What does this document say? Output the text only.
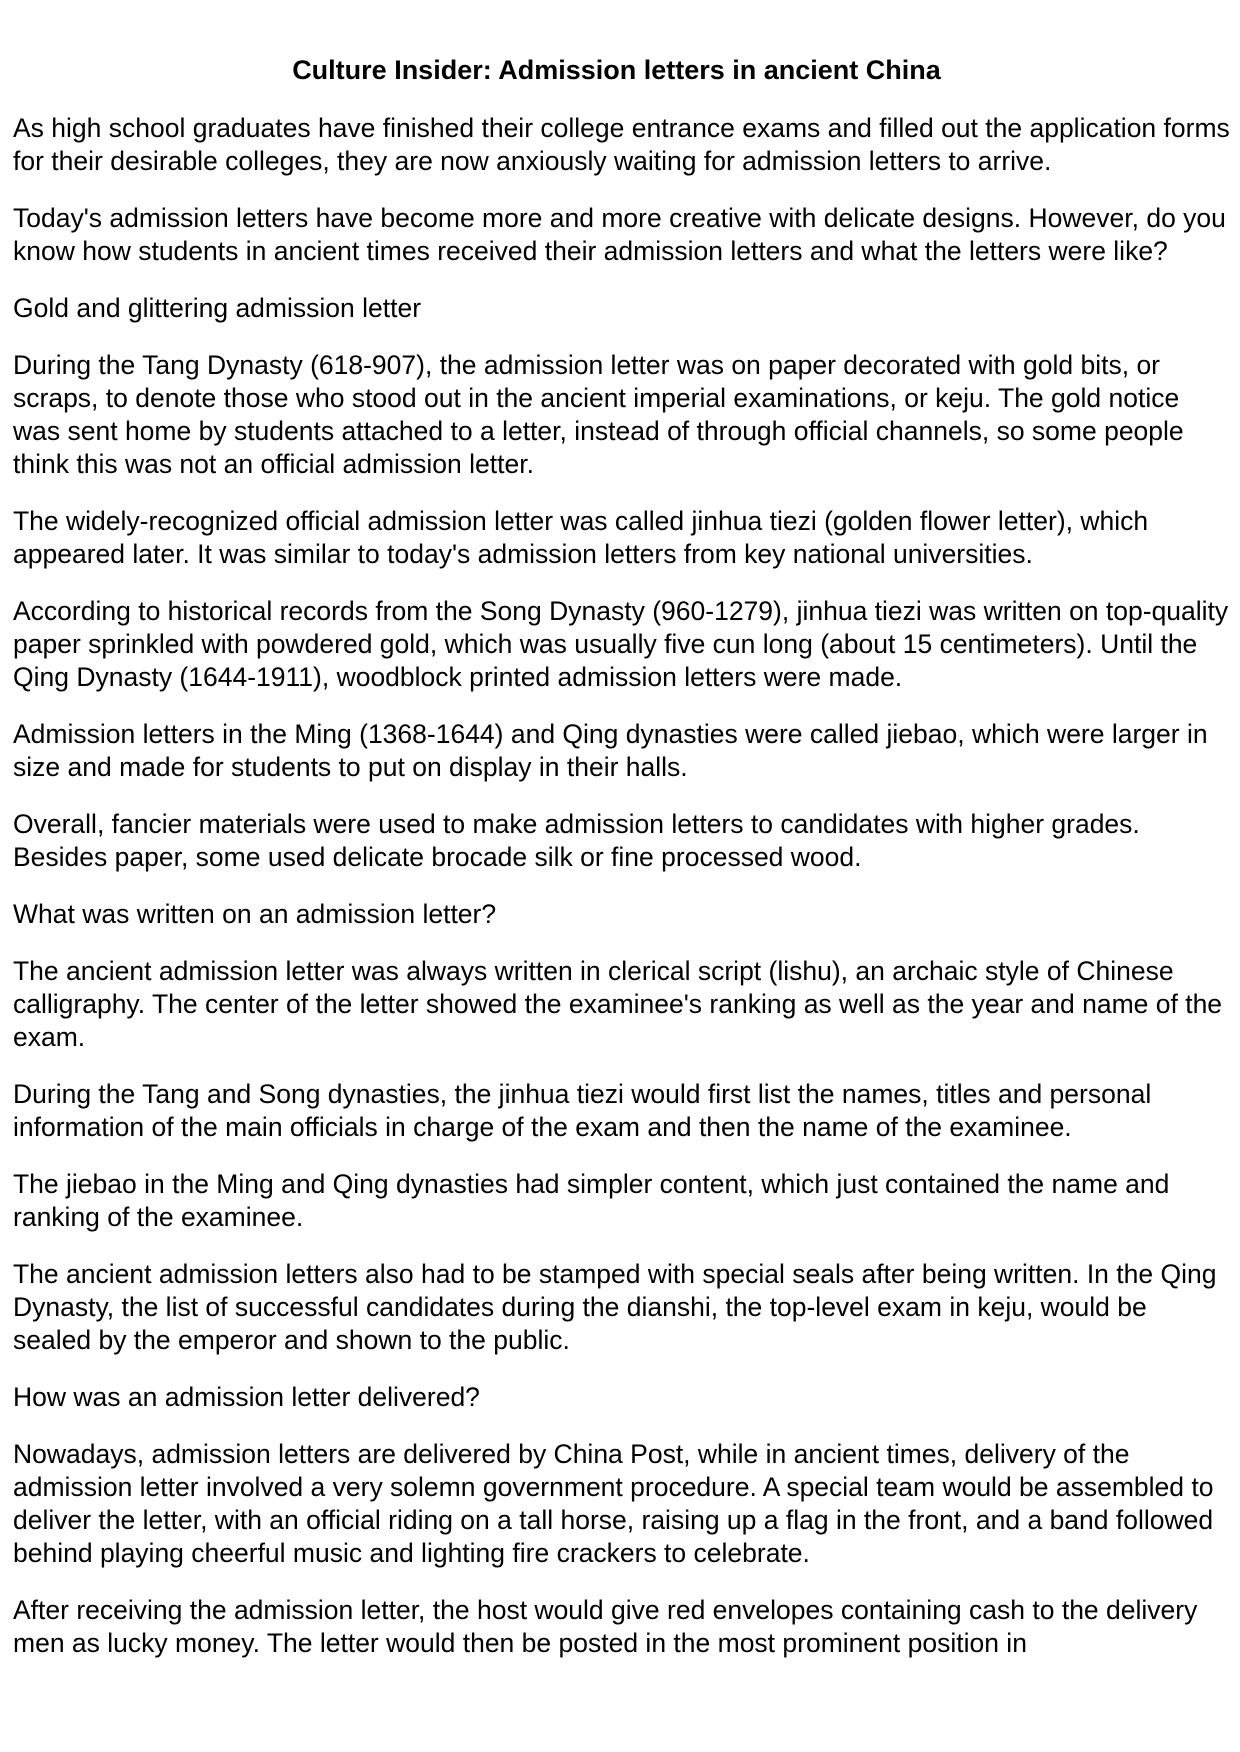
Culture Insider: Admission letters in ancient China

As high school graduates have finished their college entrance exams and filled out the application forms for their desirable colleges, they are now anxiously waiting for admission letters to arrive.

Today's admission letters have become more and more creative with delicate designs. However, do you know how students in ancient times received their admission letters and what the letters were like?

Gold and glittering admission letter

During the Tang Dynasty (618-907), the admission letter was on paper decorated with gold bits, or scraps, to denote those who stood out in the ancient imperial examinations, or keju. The gold notice was sent home by students attached to a letter, instead of through official channels, so some people think this was not an official admission letter.

The widely-recognized official admission letter was called jinhua tiezi (golden flower letter), which appeared later. It was similar to today's admission letters from key national universities.

According to historical records from the Song Dynasty (960-1279), jinhua tiezi was written on top-quality paper sprinkled with powdered gold, which was usually five cun long (about 15 centimeters). Until the Qing Dynasty (1644-1911), woodblock printed admission letters were made.

Admission letters in the Ming (1368-1644) and Qing dynasties were called jiebao, which were larger in size and made for students to put on display in their halls.

Overall, fancier materials were used to make admission letters to candidates with higher grades. Besides paper, some used delicate brocade silk or fine processed wood.

What was written on an admission letter?

The ancient admission letter was always written in clerical script (lishu), an archaic style of Chinese calligraphy. The center of the letter showed the examinee's ranking as well as the year and name of the exam.

During the Tang and Song dynasties, the jinhua tiezi would first list the names, titles and personal information of the main officials in charge of the exam and then the name of the examinee.

The jiebao in the Ming and Qing dynasties had simpler content, which just contained the name and ranking of the examinee.

The ancient admission letters also had to be stamped with special seals after being written. In the Qing Dynasty, the list of successful candidates during the dianshi, the top-level exam in keju, would be sealed by the emperor and shown to the public.

How was an admission letter delivered?

Nowadays, admission letters are delivered by China Post, while in ancient times, delivery of the admission letter involved a very solemn government procedure. A special team would be assembled to deliver the letter, with an official riding on a tall horse, raising up a flag in the front, and a band followed behind playing cheerful music and lighting fire crackers to celebrate.

After receiving the admission letter, the host would give red envelopes containing cash to the delivery men as lucky money. The letter would then be posted in the most prominent position in
